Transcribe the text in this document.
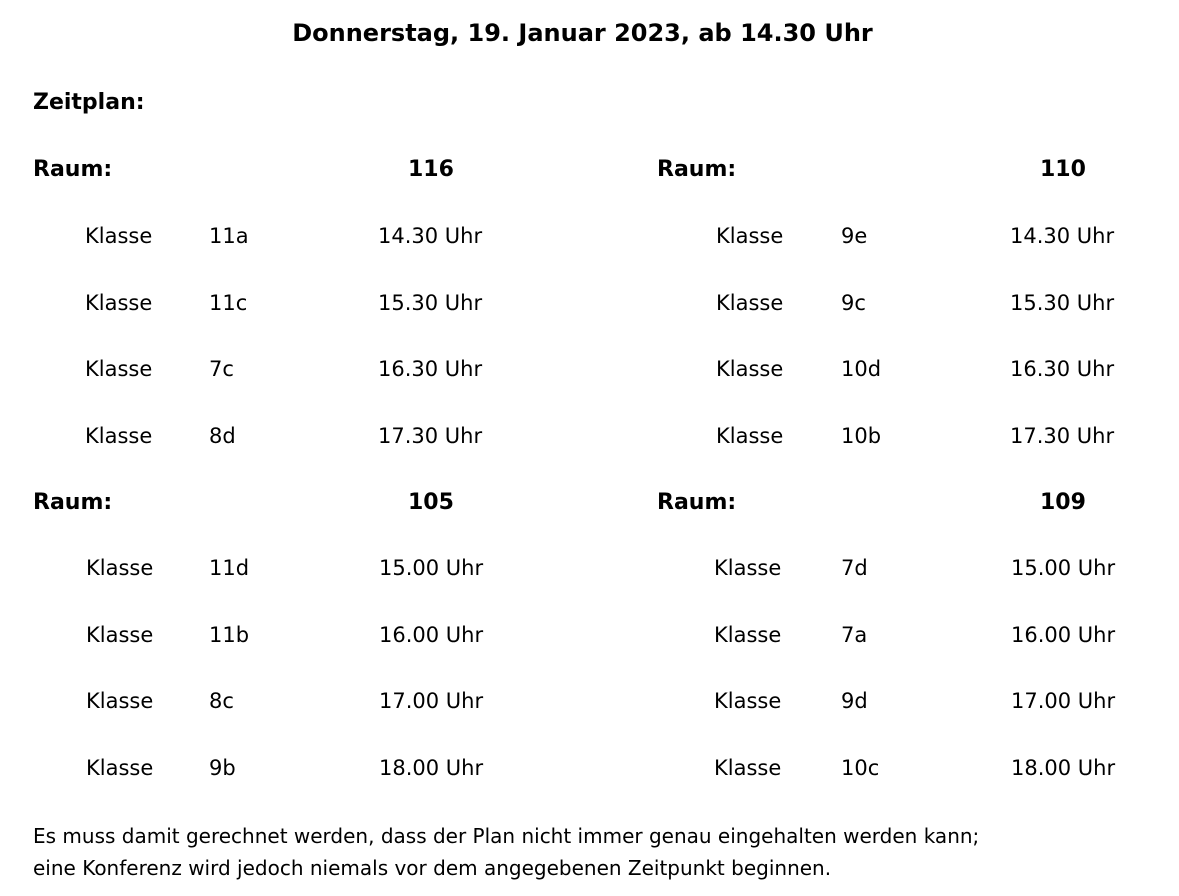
Donnerstag, 19. Januar 2023, ab 14.30 Uhr
Zeitplan:
Raum:	116
Klasse	11a	14.30 Uhr
Klasse	11c	15.30 Uhr
Klasse	7c	16.30 Uhr
Klasse	8d	17.30 Uhr
Raum:	110
Klasse	9e	14.30 Uhr
Klasse	9c	15.30 Uhr
Klasse	10d	16.30 Uhr
Klasse	10b	17.30 Uhr
Raum:	105
Klasse	11d	15.00 Uhr
Klasse	11b	16.00 Uhr
Klasse	8c	17.00 Uhr
Klasse	9b	18.00 Uhr
Raum:	109
Klasse	7d	15.00 Uhr
Klasse	7a	16.00 Uhr
Klasse	9d	17.00 Uhr
Klasse	10c	18.00 Uhr
Es muss damit gerechnet werden, dass der Plan nicht immer genau eingehalten werden kann;
eine Konferenz wird jedoch niemals vor dem angegebenen Zeitpunkt beginnen.
